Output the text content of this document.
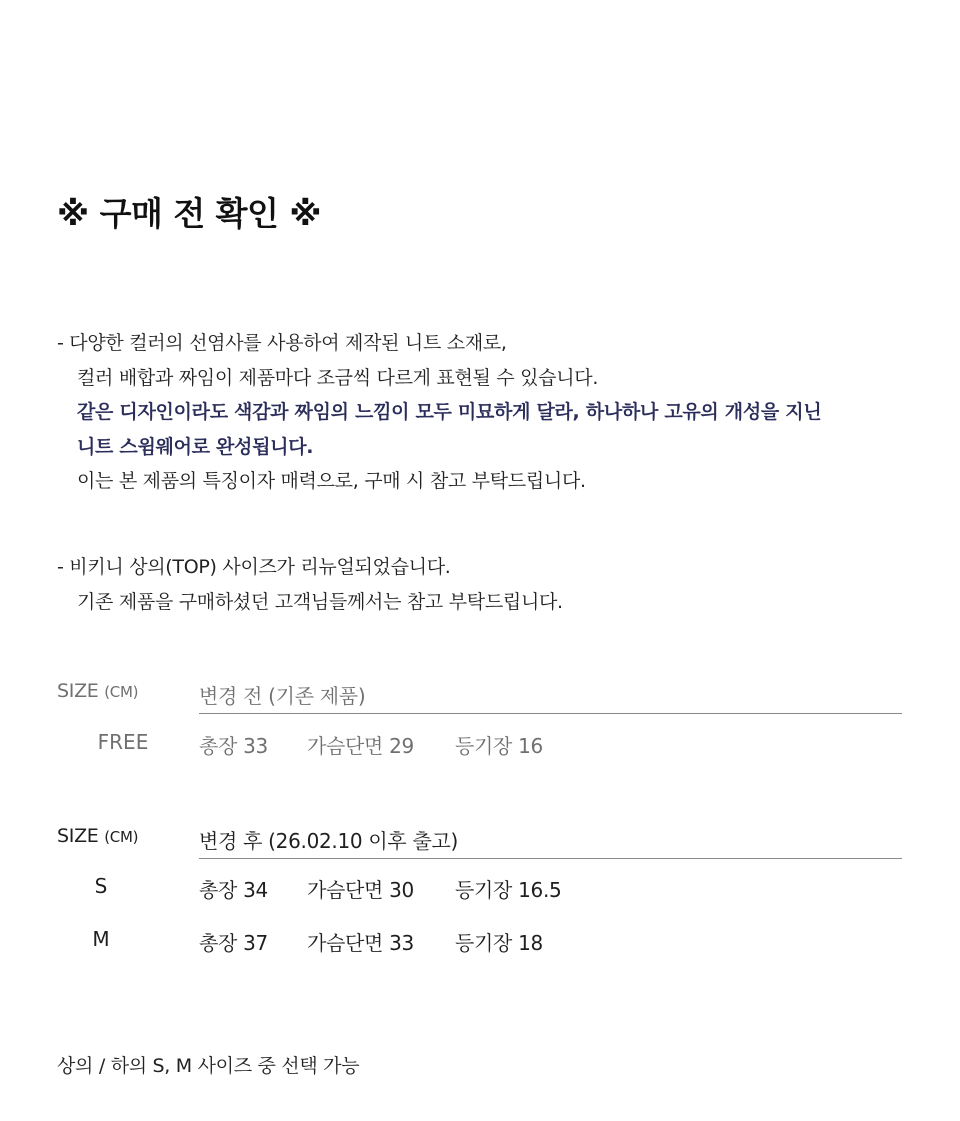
※ 구매 전 확인 ※
- 다양한 컬러의 선염사를 사용하여 제작된 니트 소재로,
컬러 배합과 짜임이 제품마다 조금씩 다르게 표현될 수 있습니다.
같은 디자인이라도 색감과 짜임의 느낌이 모두 미묘하게 달라, 하나하나 고유의 개성을 지닌
니트 스윔웨어로 완성됩니다.
이는 본 제품의 특징이자 매력으로, 구매 시 참고 부탁드립니다.
- 비키니 상의(TOP) 사이즈가 리뉴얼되었습니다.
기존 제품을 구매하셨던 고객님들께서는 참고 부탁드립니다.
SIZE (CM)	변경 전 (기존 제품)
FREE	총장 33 가슴단면 29 등기장 16
SIZE (CM)	변경 후 (26.02.10 이후 출고)
S	총장 34 가슴단면 30 등기장 16.5
M	총장 37 가슴단면 33 등기장 18
상의 / 하의 S, M 사이즈 중 선택 가능
